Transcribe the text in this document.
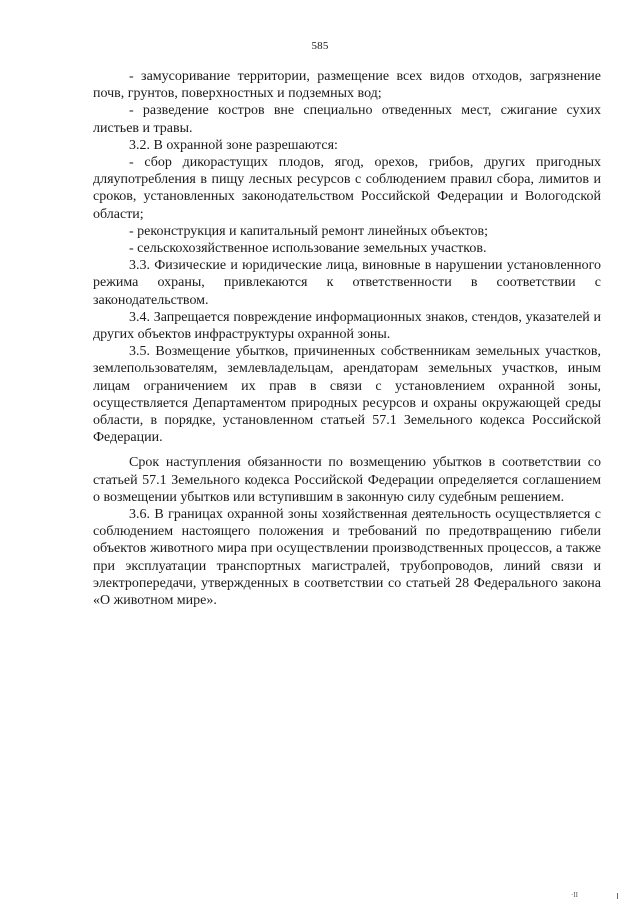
585

- замусоривание территории, размещение всех видов отходов, загрязнение почв, грунтов, поверхностных и подземных вод;

- разведение костров вне специально отведенных мест, сжигание сухих листьев и травы.

3.2. В охранной зоне разрешаются:

- сбор дикорастущих плодов, ягод, орехов, грибов, других пригодных дляупотребления в пищу лесных ресурсов с соблюдением правил сбора, лимитов и сроков, установленных законодательством Российской Федерации и Вологодской области;

- реконструкция и капитальный ремонт линейных объектов;

- сельскохозяйственное использование земельных участков.

3.3. Физические и юридические лица, виновные в нарушении установленного режима охраны, привлекаются к ответственности в соответствии с законодательством.

3.4. Запрещается повреждение информационных знаков, стендов, указателей и других объектов инфраструктуры охранной зоны.

3.5. Возмещение убытков, причиненных собственникам земельных участков, землепользователям, землевладельцам, арендаторам земельных участков, иным лицам ограничением их прав в связи с установлением охранной зоны, осуществляется Департаментом природных ресурсов и охраны окружающей среды области, в порядке, установленном статьей 57.1 Земельного кодекса Российской Федерации.

Срок наступления обязанности по возмещению убытков в соответствии со статьей 57.1 Земельного кодекса Российской Федерации определяется соглашением о возмещении убытков или вступившим в законную силу судебным решением.

3.6. В границах охранной зоны хозяйственная деятельность осуществляется с соблюдением настоящего положения и требований по предотвращению гибели объектов животного мира при осуществлении производственных процессов, а также при эксплуатации транспортных магистралей, трубопроводов, линий связи и электропередачи, утвержденных в соответствии со статьей 28 Федерального закона «О животном мире».

·II
